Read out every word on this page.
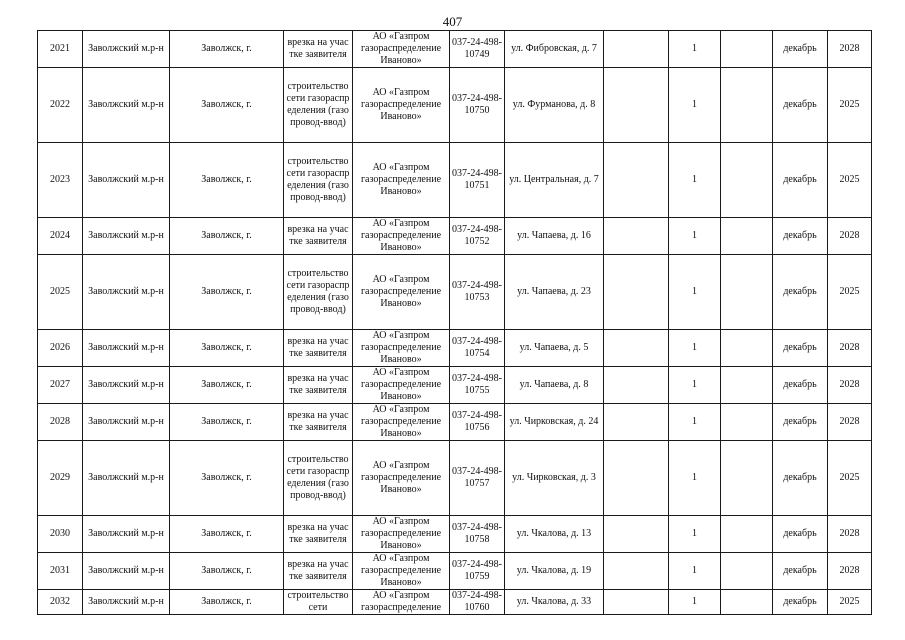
407
2021	Заволжский м.р-н	Заволжск, г.	врезка на участке заявителя	АО «Газпром газораспределение Иваново»	037-24-498-10749	ул. Фибровская, д. 7		1		декабрь	2028
2022	Заволжский м.р-н	Заволжск, г.	строительство сети газораспределения (газопровод-ввод)	АО «Газпром газораспределение Иваново»	037-24-498-10750	ул. Фурманова, д. 8		1		декабрь	2025
2023	Заволжский м.р-н	Заволжск, г.	строительство сети газораспределения (газопровод-ввод)	АО «Газпром газораспределение Иваново»	037-24-498-10751	ул. Центральная, д. 7		1		декабрь	2025
2024	Заволжский м.р-н	Заволжск, г.	врезка на участке заявителя	АО «Газпром газораспределение Иваново»	037-24-498-10752	ул. Чапаева, д. 16		1		декабрь	2028
2025	Заволжский м.р-н	Заволжск, г.	строительство сети газораспределения (газопровод-ввод)	АО «Газпром газораспределение Иваново»	037-24-498-10753	ул. Чапаева, д. 23		1		декабрь	2025
2026	Заволжский м.р-н	Заволжск, г.	врезка на участке заявителя	АО «Газпром газораспределение Иваново»	037-24-498-10754	ул. Чапаева, д. 5		1		декабрь	2028
2027	Заволжский м.р-н	Заволжск, г.	врезка на участке заявителя	АО «Газпром газораспределение Иваново»	037-24-498-10755	ул. Чапаева, д. 8		1		декабрь	2028
2028	Заволжский м.р-н	Заволжск, г.	врезка на участке заявителя	АО «Газпром газораспределение Иваново»	037-24-498-10756	ул. Чирковская, д. 24		1		декабрь	2028
2029	Заволжский м.р-н	Заволжск, г.	строительство сети газораспределения (газопровод-ввод)	АО «Газпром газораспределение Иваново»	037-24-498-10757	ул. Чирковская, д. 3		1		декабрь	2025
2030	Заволжский м.р-н	Заволжск, г.	врезка на участке заявителя	АО «Газпром газораспределение Иваново»	037-24-498-10758	ул. Чкалова, д. 13		1		декабрь	2028
2031	Заволжский м.р-н	Заволжск, г.	врезка на участке заявителя	АО «Газпром газораспределение Иваново»	037-24-498-10759	ул. Чкалова, д. 19		1		декабрь	2028
2032	Заволжский м.р-н	Заволжск, г.	строительство сети	АО «Газпром газораспределение	037-24-498-10760	ул. Чкалова, д. 33		1		декабрь	2025
